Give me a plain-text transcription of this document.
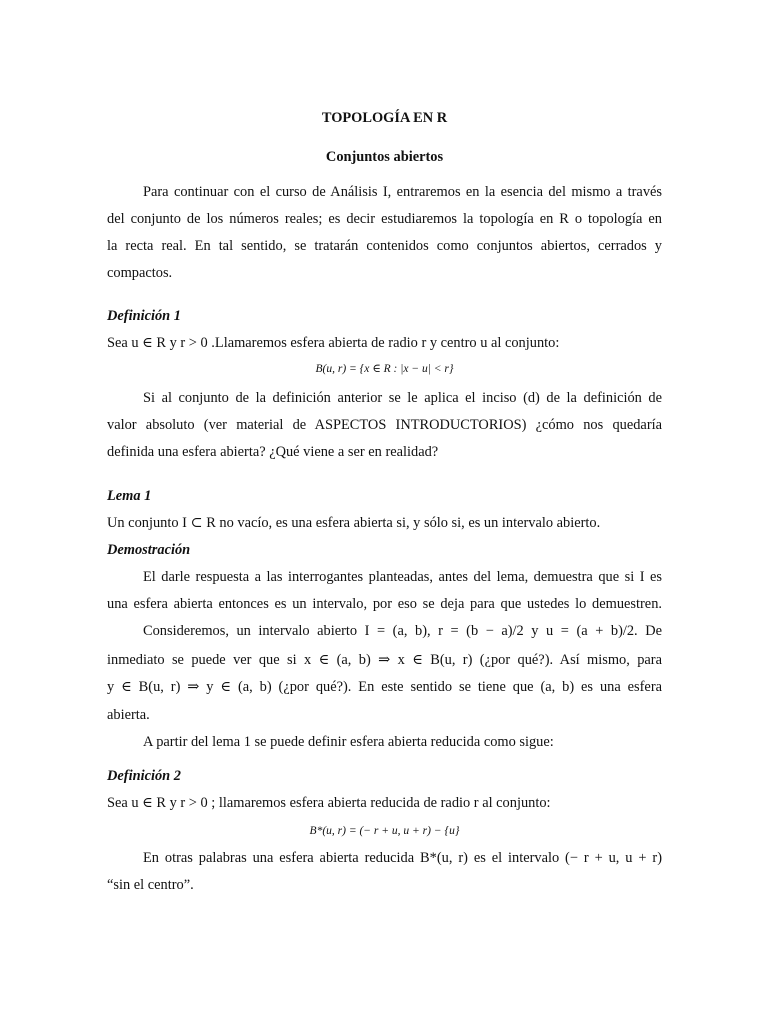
TOPOLOGÍA EN R
Conjuntos abiertos
Para continuar con el curso de Análisis I, entraremos en la esencia del mismo a través
del conjunto de los números reales; es decir estudiaremos la topología en R o topología en
la recta real. En tal sentido, se tratarán contenidos como conjuntos abiertos, cerrados y
compactos.
Definición 1
Sea u ∈ R y r > 0 .Llamaremos esfera abierta de radio r y centro u al conjunto:
B(u, r) = {x ∈ R : |x − u| < r}
Si al conjunto de la definición anterior se le aplica el inciso (d) de la definición de
valor absoluto (ver material de ASPECTOS INTRODUCTORIOS) ¿cómo nos quedaría
definida una esfera abierta? ¿Qué viene a ser en realidad?
Lema 1
Un conjunto I ⊂ R no vacío, es una esfera abierta si, y sólo si, es un intervalo abierto.
Demostración
El darle respuesta a las interrogantes planteadas, antes del lema, demuestra que si I es
una esfera abierta entonces es un intervalo, por eso se deja para que ustedes lo demuestren.
Consideremos, un intervalo abierto I = (a, b), r = (b − a)/2 y u = (a + b)/2. De
inmediato se puede ver que si x ∈ (a, b) ⇒ x ∈ B(u, r) (¿por qué?). Así mismo, para
y ∈ B(u, r) ⇒ y ∈ (a, b) (¿por qué?). En este sentido se tiene que (a, b) es una esfera
abierta.
A partir del lema 1 se puede definir esfera abierta reducida como sigue:
Definición 2
Sea u ∈ R y r > 0 ; llamaremos esfera abierta reducida de radio r al conjunto:
B*(u, r) = (− r + u, u + r) − {u}
En otras palabras una esfera abierta reducida B*(u, r) es el intervalo (− r + u, u + r)
“sin el centro”.
